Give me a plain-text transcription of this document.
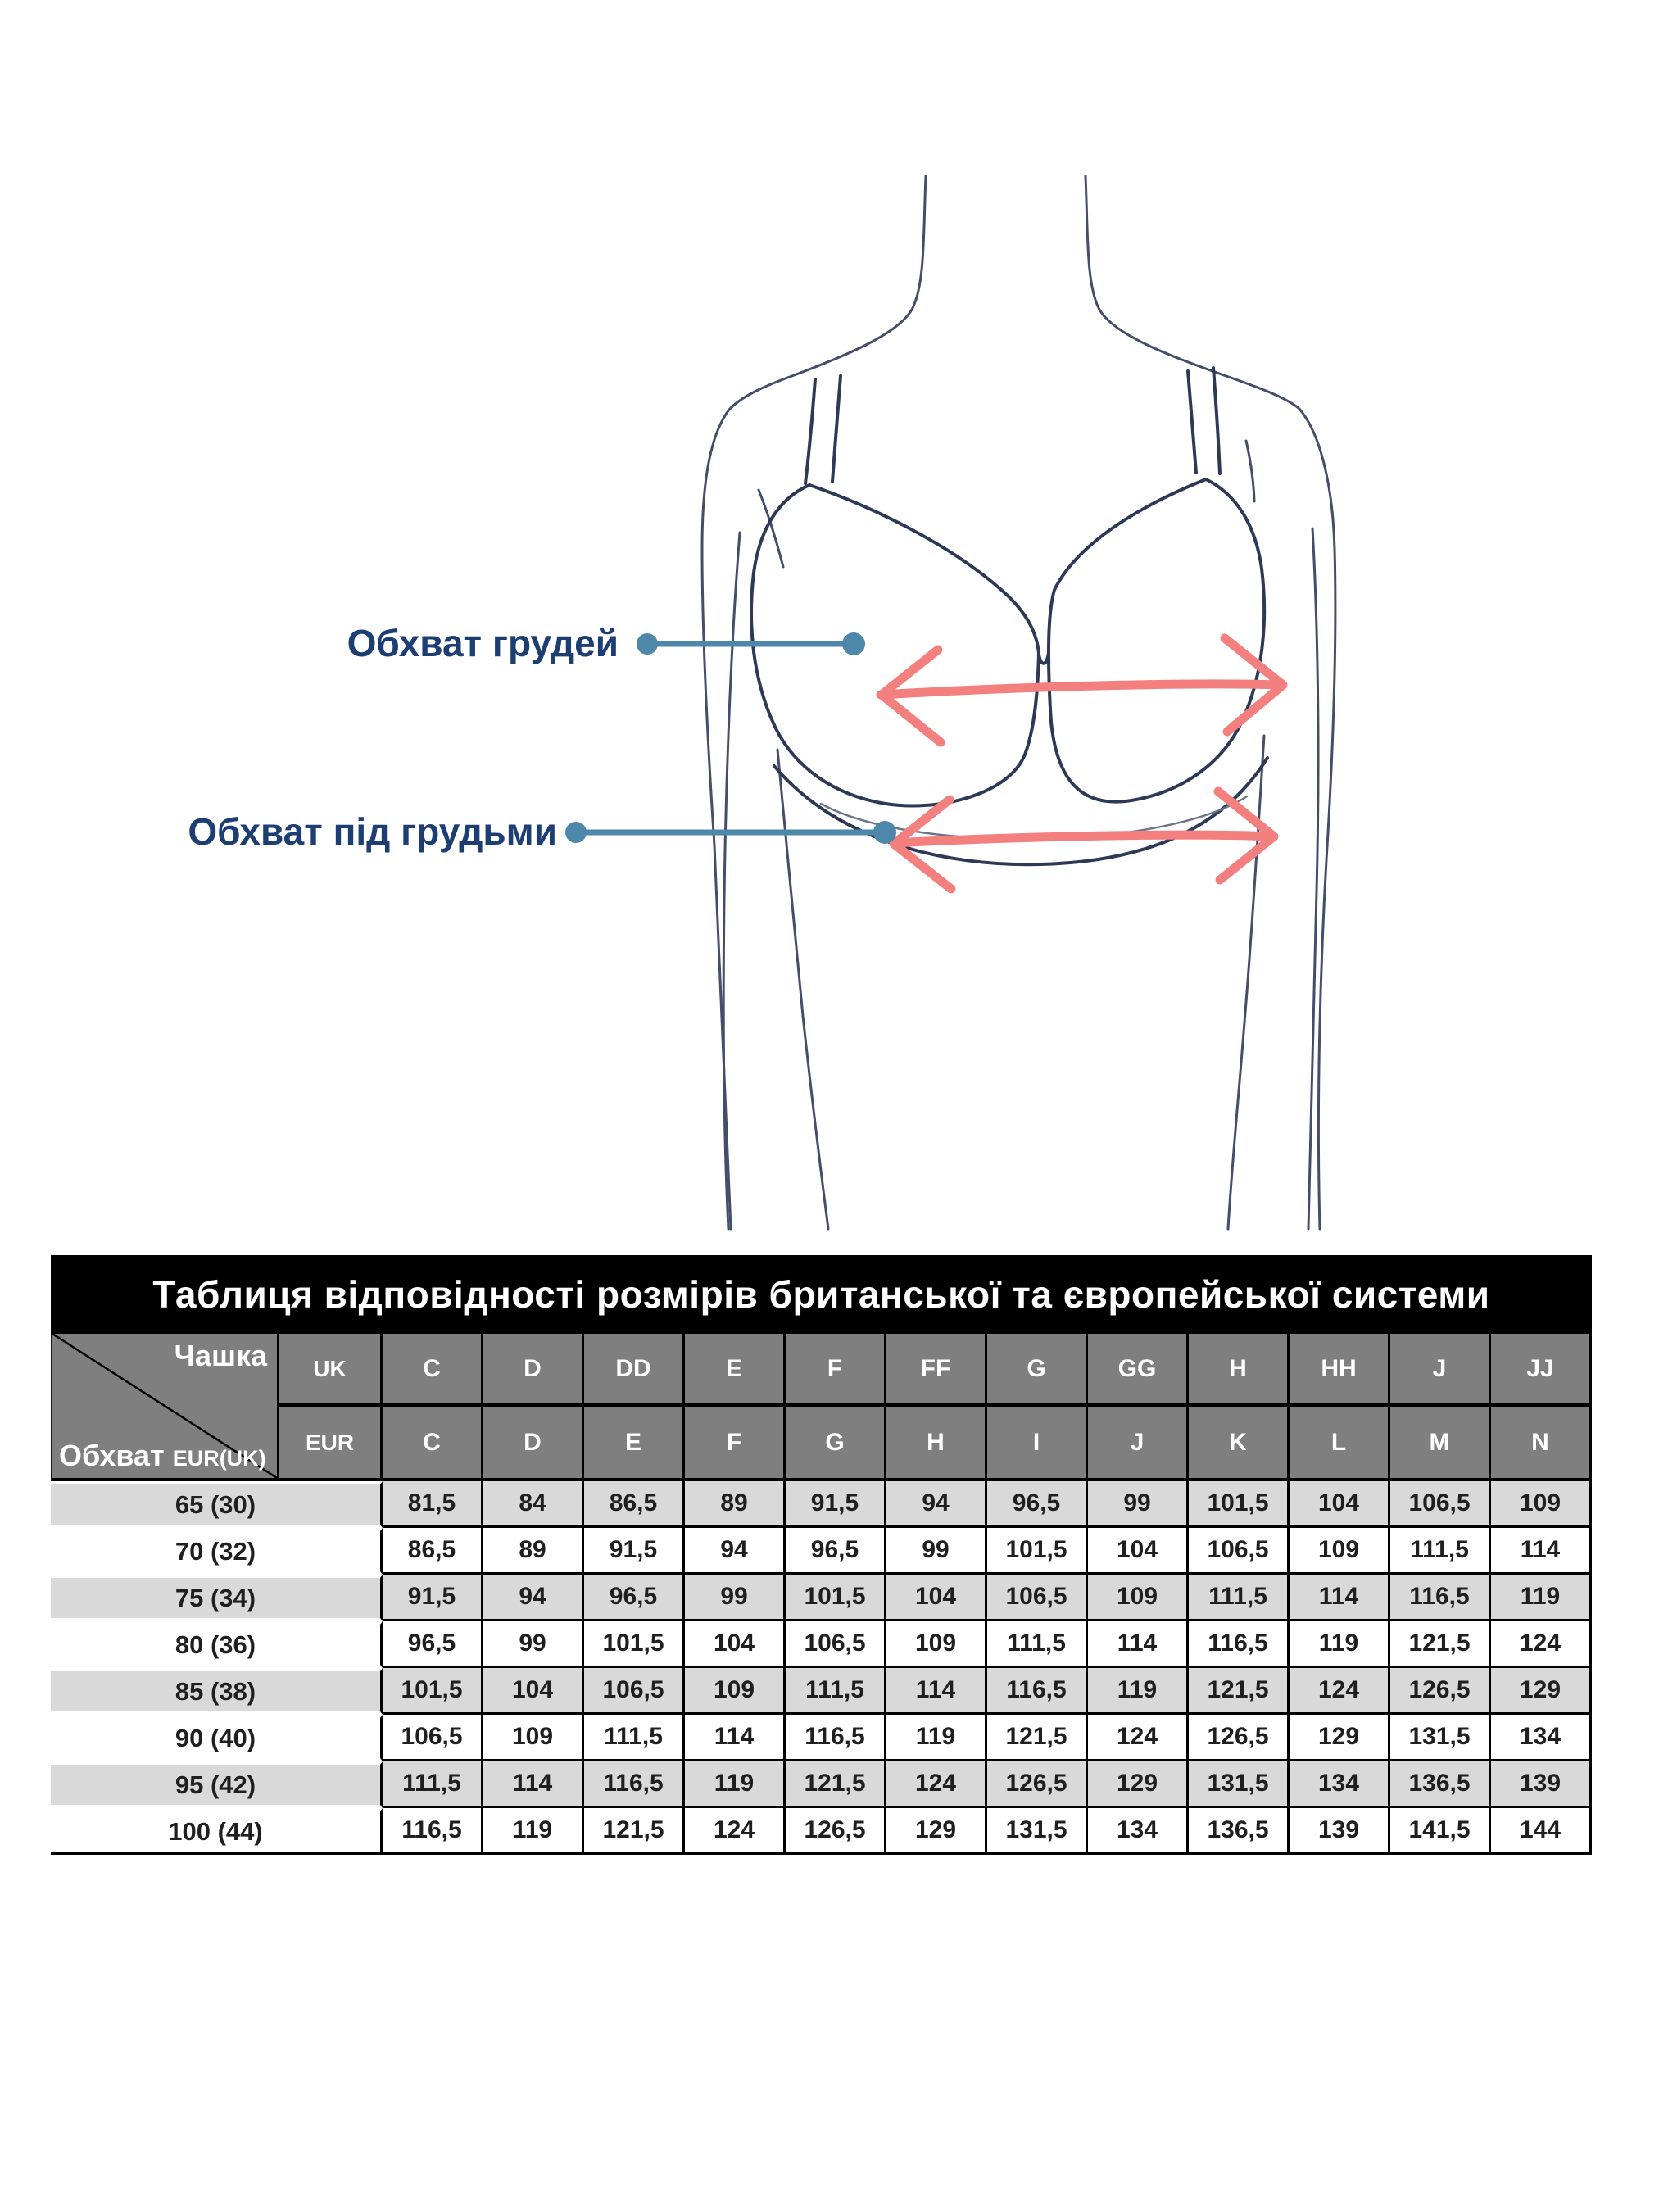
Обхват грудей
Обхват під грудьми
Таблиця відповідності розмірів британської та європейської системи
UK	C	D	DD	E	F	FF	G	GG	H	HH	J	JJ
EUR	C	D	E	F	G	H	I	J	K	L	M	N
Чашка
Обхват EUR(UK)
65 (30)	81,5	84	86,5	89	91,5	94	96,5	99	101,5	104	106,5	109
70 (32)	86,5	89	91,5	94	96,5	99	101,5	104	106,5	109	111,5	114
75 (34)	91,5	94	96,5	99	101,5	104	106,5	109	111,5	114	116,5	119
80 (36)	96,5	99	101,5	104	106,5	109	111,5	114	116,5	119	121,5	124
85 (38)	101,5	104	106,5	109	111,5	114	116,5	119	121,5	124	126,5	129
90 (40)	106,5	109	111,5	114	116,5	119	121,5	124	126,5	129	131,5	134
95 (42)	111,5	114	116,5	119	121,5	124	126,5	129	131,5	134	136,5	139
100 (44)	116,5	119	121,5	124	126,5	129	131,5	134	136,5	139	141,5	144
